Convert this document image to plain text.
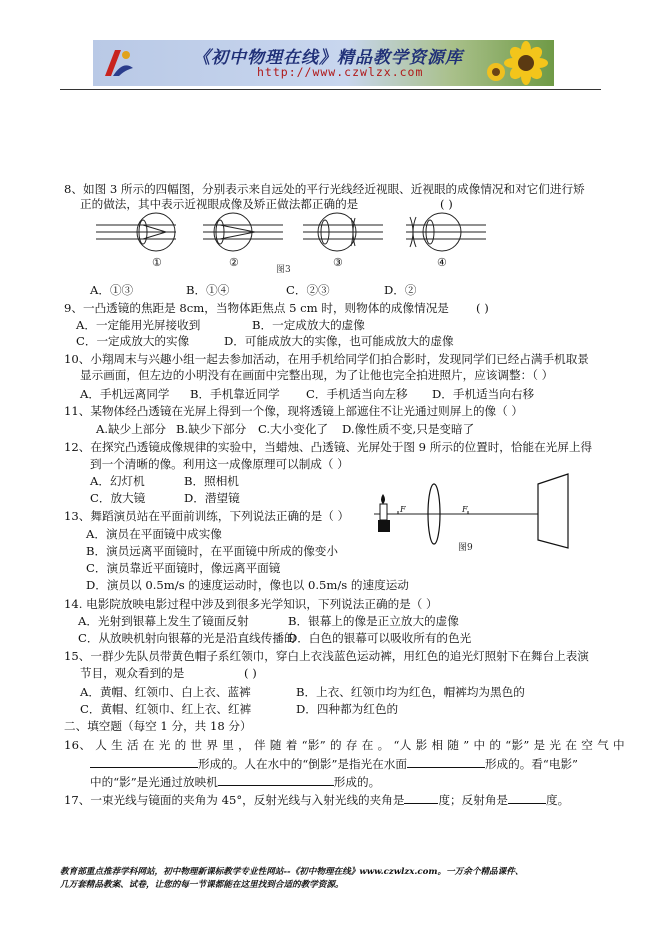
《初中物理在线》精品教学资源库
http://www.czwlzx.com
8、如图 3 所示的四幅图，分别表示来自远处的平行光线经近视眼、近视眼的成像情况和对它们进行矫
正的做法，其中表示近视眼成像及矫正做法都正确的是	( )
①	②	③	④
图3
A．①③	B．①④	C．②③	D．②
9、一凸透镜的焦距是 8cm，当物体距焦点 5 cm 时，则物体的成像情况是 ( )
A．一定能用光屏接收到	B．一定成放大的虚像
C．一定成放大的实像	D．可能成放大的实像，也可能成放大的虚像
10、小翔周末与兴趣小组一起去参加活动，在用手机给同学们拍合影时，发现同学们已经占满手机取景
显示画面，但左边的小明没有在画面中完整出现，为了让他也完全拍进照片，应该调整：（ ）
A．手机远离同学 B．手机靠近同学 C．手机适当向左移 D．手机适当向右移
11、某物体经凸透镜在光屏上得到一个像，现将透镜上部遮住不让光通过则屏上的像（ ）
A.缺少上部分 B.缺少下部分 C.大小变化了 D.像性质不变,只是变暗了
12、在探究凸透镜成像规律的实验中，当蜡烛、凸透镜、光屏处于图 9 所示的位置时，恰能在光屏上得
到一个清晰的像。利用这一成像原理可以制成（ ）
A．幻灯机	B．照相机
C．放大镜	D．潜望镜
F	F
图9
13、舞蹈演员站在平面前训练，下列说法正确的是（ ）
A．演员在平面镜中成实像
B．演员远离平面镜时，在平面镜中所成的像变小
C．演员靠近平面镜时，像远离平面镜
D．演员以 0.5m/s 的速度运动时，像也以 0.5m/s 的速度运动
14. 电影院放映电影过程中涉及到很多光学知识，下列说法正确的是（ ）
A．光射到银幕上发生了镜面反射	B．银幕上的像是正立放大的虚像
C．从放映机射向银幕的光是沿直线传播的
D．白色的银幕可以吸收所有的色光
15、一群少先队员带黄色帽子系红领巾，穿白上衣浅蓝色运动裤，用红色的追光灯照射下在舞台上表演
节目，观众看到的是	( )
A．黄帽、红领巾、白上衣、蓝裤	B．上衣、红领巾均为红色，帽裤均为黑色的
C．黄帽、红领巾、红上衣、红裤	D．四种都为红色的
二、填空题（每空 1 分，共 18 分）
16、 人 生 活 在 光 的 世 界 里 ， 伴 随 着 “影” 的 存 在 。 “人 影 相 随 ” 中 的 “影” 是 光 在 空 气 中
形成的。人在水中的“倒影”是指光在水面	形成的。看“电影”
中的“影”是光通过放映机	形成的。
17、一束光线与镜面的夹角为 45°，反射光线与入射光线的夹角是	度；反射角是	度。
教育部重点推荐学科网站，初中物理新课标教学专业性网站--《初中物理在线》www.czwlzx.com。一万余个精品课件、
几万套精品教案、试卷，让您的每一节课都能在这里找到合适的教学资源。
